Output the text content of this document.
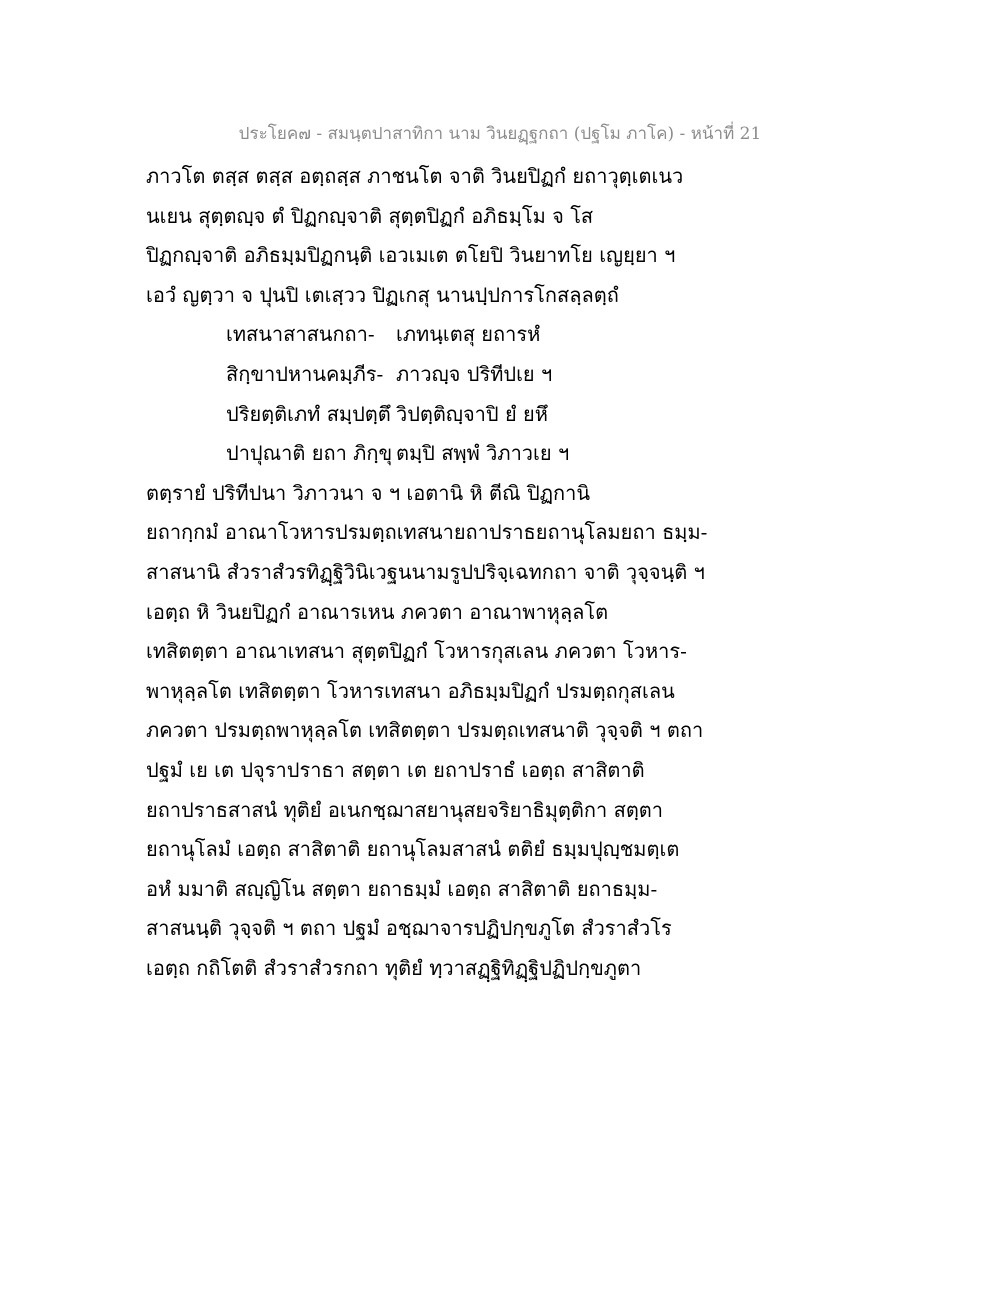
ประโยค๗ - สมนฺตปาสาทิกา นาม วินยฏฺฐกถา (ปฐโม ภาโค) - หน้าที่ 21
ภาวโต ตสฺส ตสฺส อตฺถสฺส ภาชนโต จาติ วินยปิฏกํ ยถาวุตฺเตเนว
นเยน สุตฺตญฺจ ตํ ปิฏกญฺจาติ สุตฺตปิฏกํ อภิธมฺโม จ โส
ปิฏกญฺจาติ อภิธมฺมปิฏกนฺติ เอวเมเต ตโยปิ วินยาทโย เญยฺยา ฯ
เอวํ ญตฺวา จ ปุนปิ เตเสฺวว ปิฏเกสุ นานปฺปการโกสลฺลตฺถํ
เทสนาสาสนกถา-	เภทนฺเตสุ ยถารหํ
สิกฺขาปหานคมฺภีร- ภาวญฺจ ปริทีปเย ฯ
ปริยตฺติเภทํ สมฺปตฺตึ วิปตฺติญฺจาปิ ยํ ยหึ
ปาปุณาติ ยถา ภิกฺขุ ตมฺปิ สพฺพํ วิภาวเย ฯ
ตตฺรายํ ปริทีปนา วิภาวนา จ ฯ เอตานิ หิ ตีณิ ปิฏกานิ
ยถากฺกมํ อาณาโวหารปรมตฺถเทสนายถาปราธยถานุโลมยถา ธมฺม-
สาสนานิ สํวราสํวรทิฏฺฐิวินิเวฐนนามรูปปริจฺเฉทกถา จาติ วุจฺจนฺติ ฯ
เอตฺถ หิ วินยปิฏกํ อาณารเหน ภควตา อาณาพาหุลฺลโต
เทสิตตฺตา อาณาเทสนา สุตฺตปิฏกํ โวหารกุสเลน ภควตา โวหาร-
พาหุลฺลโต เทสิตตฺตา โวหารเทสนา อภิธมฺมปิฏกํ ปรมตฺถกุสเลน
ภควตา ปรมตฺถพาหุลฺลโต เทสิตตฺตา ปรมตฺถเทสนาติ วุจฺจติ ฯ ตถา
ปฐมํ เย เต ปจุราปราธา สตฺตา เต ยถาปราธํ เอตฺถ สาสิตาติ
ยถาปราธสาสนํ ทุติยํ อเนกชฺฌาสยานุสยจริยาธิมุตฺติกา สตฺตา
ยถานุโลมํ เอตฺถ สาสิตาติ ยถานุโลมสาสนํ ตติยํ ธมฺมปุญฺชมตฺเต
อหํ มมาติ สญฺญิโน สตฺตา ยถาธมฺมํ เอตฺถ สาสิตาติ ยถาธมฺม-
สาสนนฺติ วุจฺจติ ฯ ตถา ปฐมํ อชฺฌาจารปฏิปกฺขภูโต สํวราสํวโร
เอตฺถ กถิโตติ สํวราสํวรกถา ทุติยํ ทฺวาสฏฺฐิทิฏฺฐิปฏิปกฺขภูตา
